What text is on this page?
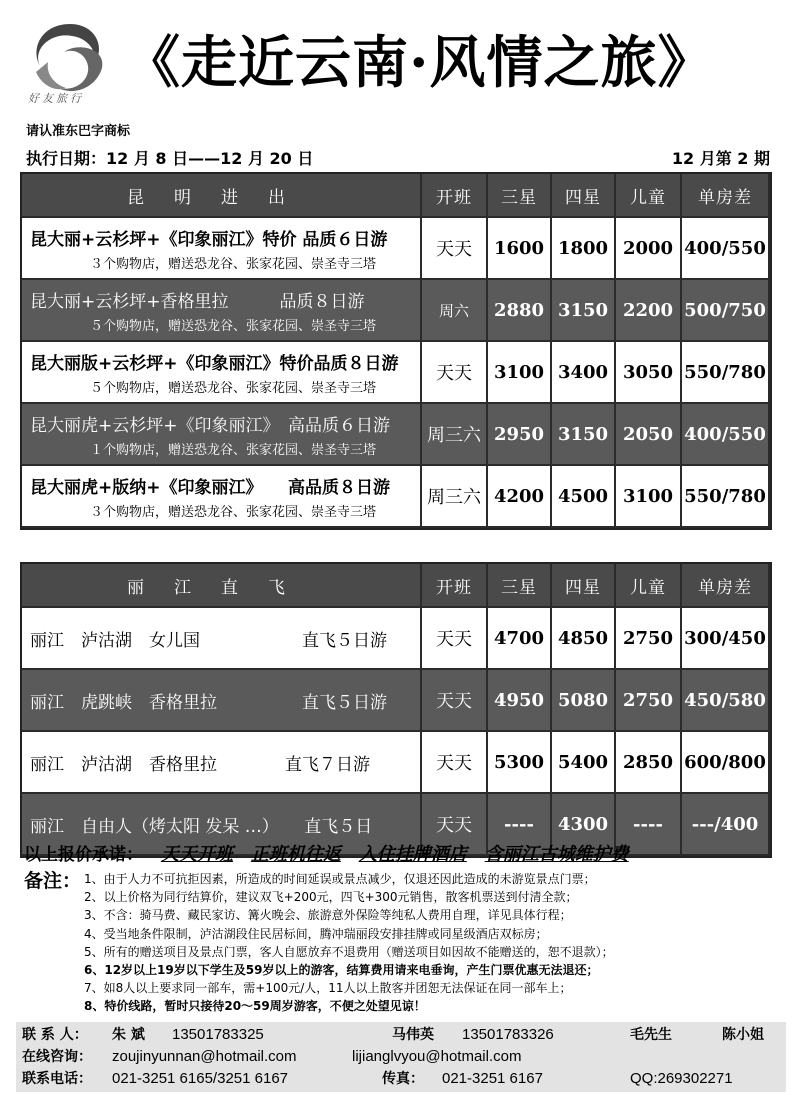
好友旅行
《走近云南·风情之旅》
请认准东巴字商标
执行日期：12 月 8 日——12 月 20 日	12 月第 2 期
昆明进出	开班	三星	四星	儿童	单房差

昆大丽+云杉坪+《印象丽江》特价 品质６日游
３个购物店，赠送恐龙谷、张家花园、崇圣寺三塔	天天	1600	1800	2000	400/550

昆大丽+云杉坪+香格里拉　　　品质８日游
５个购物店，赠送恐龙谷、张家花园、崇圣寺三塔	周六	2880	3150	2200	500/750

昆大丽版+云杉坪+《印象丽江》特价品质８日游
５个购物店，赠送恐龙谷、张家花园、崇圣寺三塔	天天	3100	3400	3050	550/780

昆大丽虎+云杉坪+《印象丽江》　高品质６日游
１个购物店，赠送恐龙谷、张家花园、崇圣寺三塔	周三六	2950	3150	2050	400/550

昆大丽虎+版纳+《印象丽江》　　高品质８日游
３个购物店，赠送恐龙谷、张家花园、崇圣寺三塔	周三六	4200	4500	3100	550/780
丽江直飞	开班	三星	四星	儿童	单房差

丽江　泸沽湖　女儿国　　　　　　直飞５日游	天天	4700	4850	2750	300/450

丽江　虎跳峡　香格里拉　　　　　直飞５日游	天天	4950	5080	2750	450/580

丽江　泸沽湖　香格里拉　　　　直飞７日游	天天	5300	5400	2850	600/800

丽江　自由人（烤太阳 发呆 …）　　直飞５日	天天	----	4300	----	---/400
以上报价承诺： 天天开班 正班机往返 入住挂牌酒店 含丽江古城维护费
备注： 1、由于人力不可抗拒因素，所造成的时间延误或景点减少，仅退还因此造成的未游览景点门票；
2、以上价格为同行结算价，建议双飞+200元，四飞+300元销售，散客机票送到付清全款；
3、不含：骑马费、藏民家访、篝火晚会、旅游意外保险等纯私人费用自理，详见具体行程；
4、受当地条件限制，泸沽湖段住民居标间，腾冲瑞丽段安排挂牌或同星级酒店双标房；
5、所有的赠送项目及景点门票，客人自愿放弃不退费用（赠送项目如因故不能赠送的，恕不退款）；
6、12岁以上19岁以下学生及59岁以上的游客，结算费用请来电垂询，产生门票优惠无法退还；
7、如8人以上要求同一部车，需+100元/人，11人以上散客并团恕无法保证在同一部车上；
8、特价线路，暂时只接待20～59周岁游客，不便之处望见谅！
联 系 人： 朱 斌 13501783325	马伟英 13501783326	毛先生	陈小姐
在线咨询： zoujinyunnan@hotmail.com	lijianglvyou@hotmail.com
联系电话： 021-3251 6165/3251 6167	传真： 021-3251 6167	QQ:269302271
